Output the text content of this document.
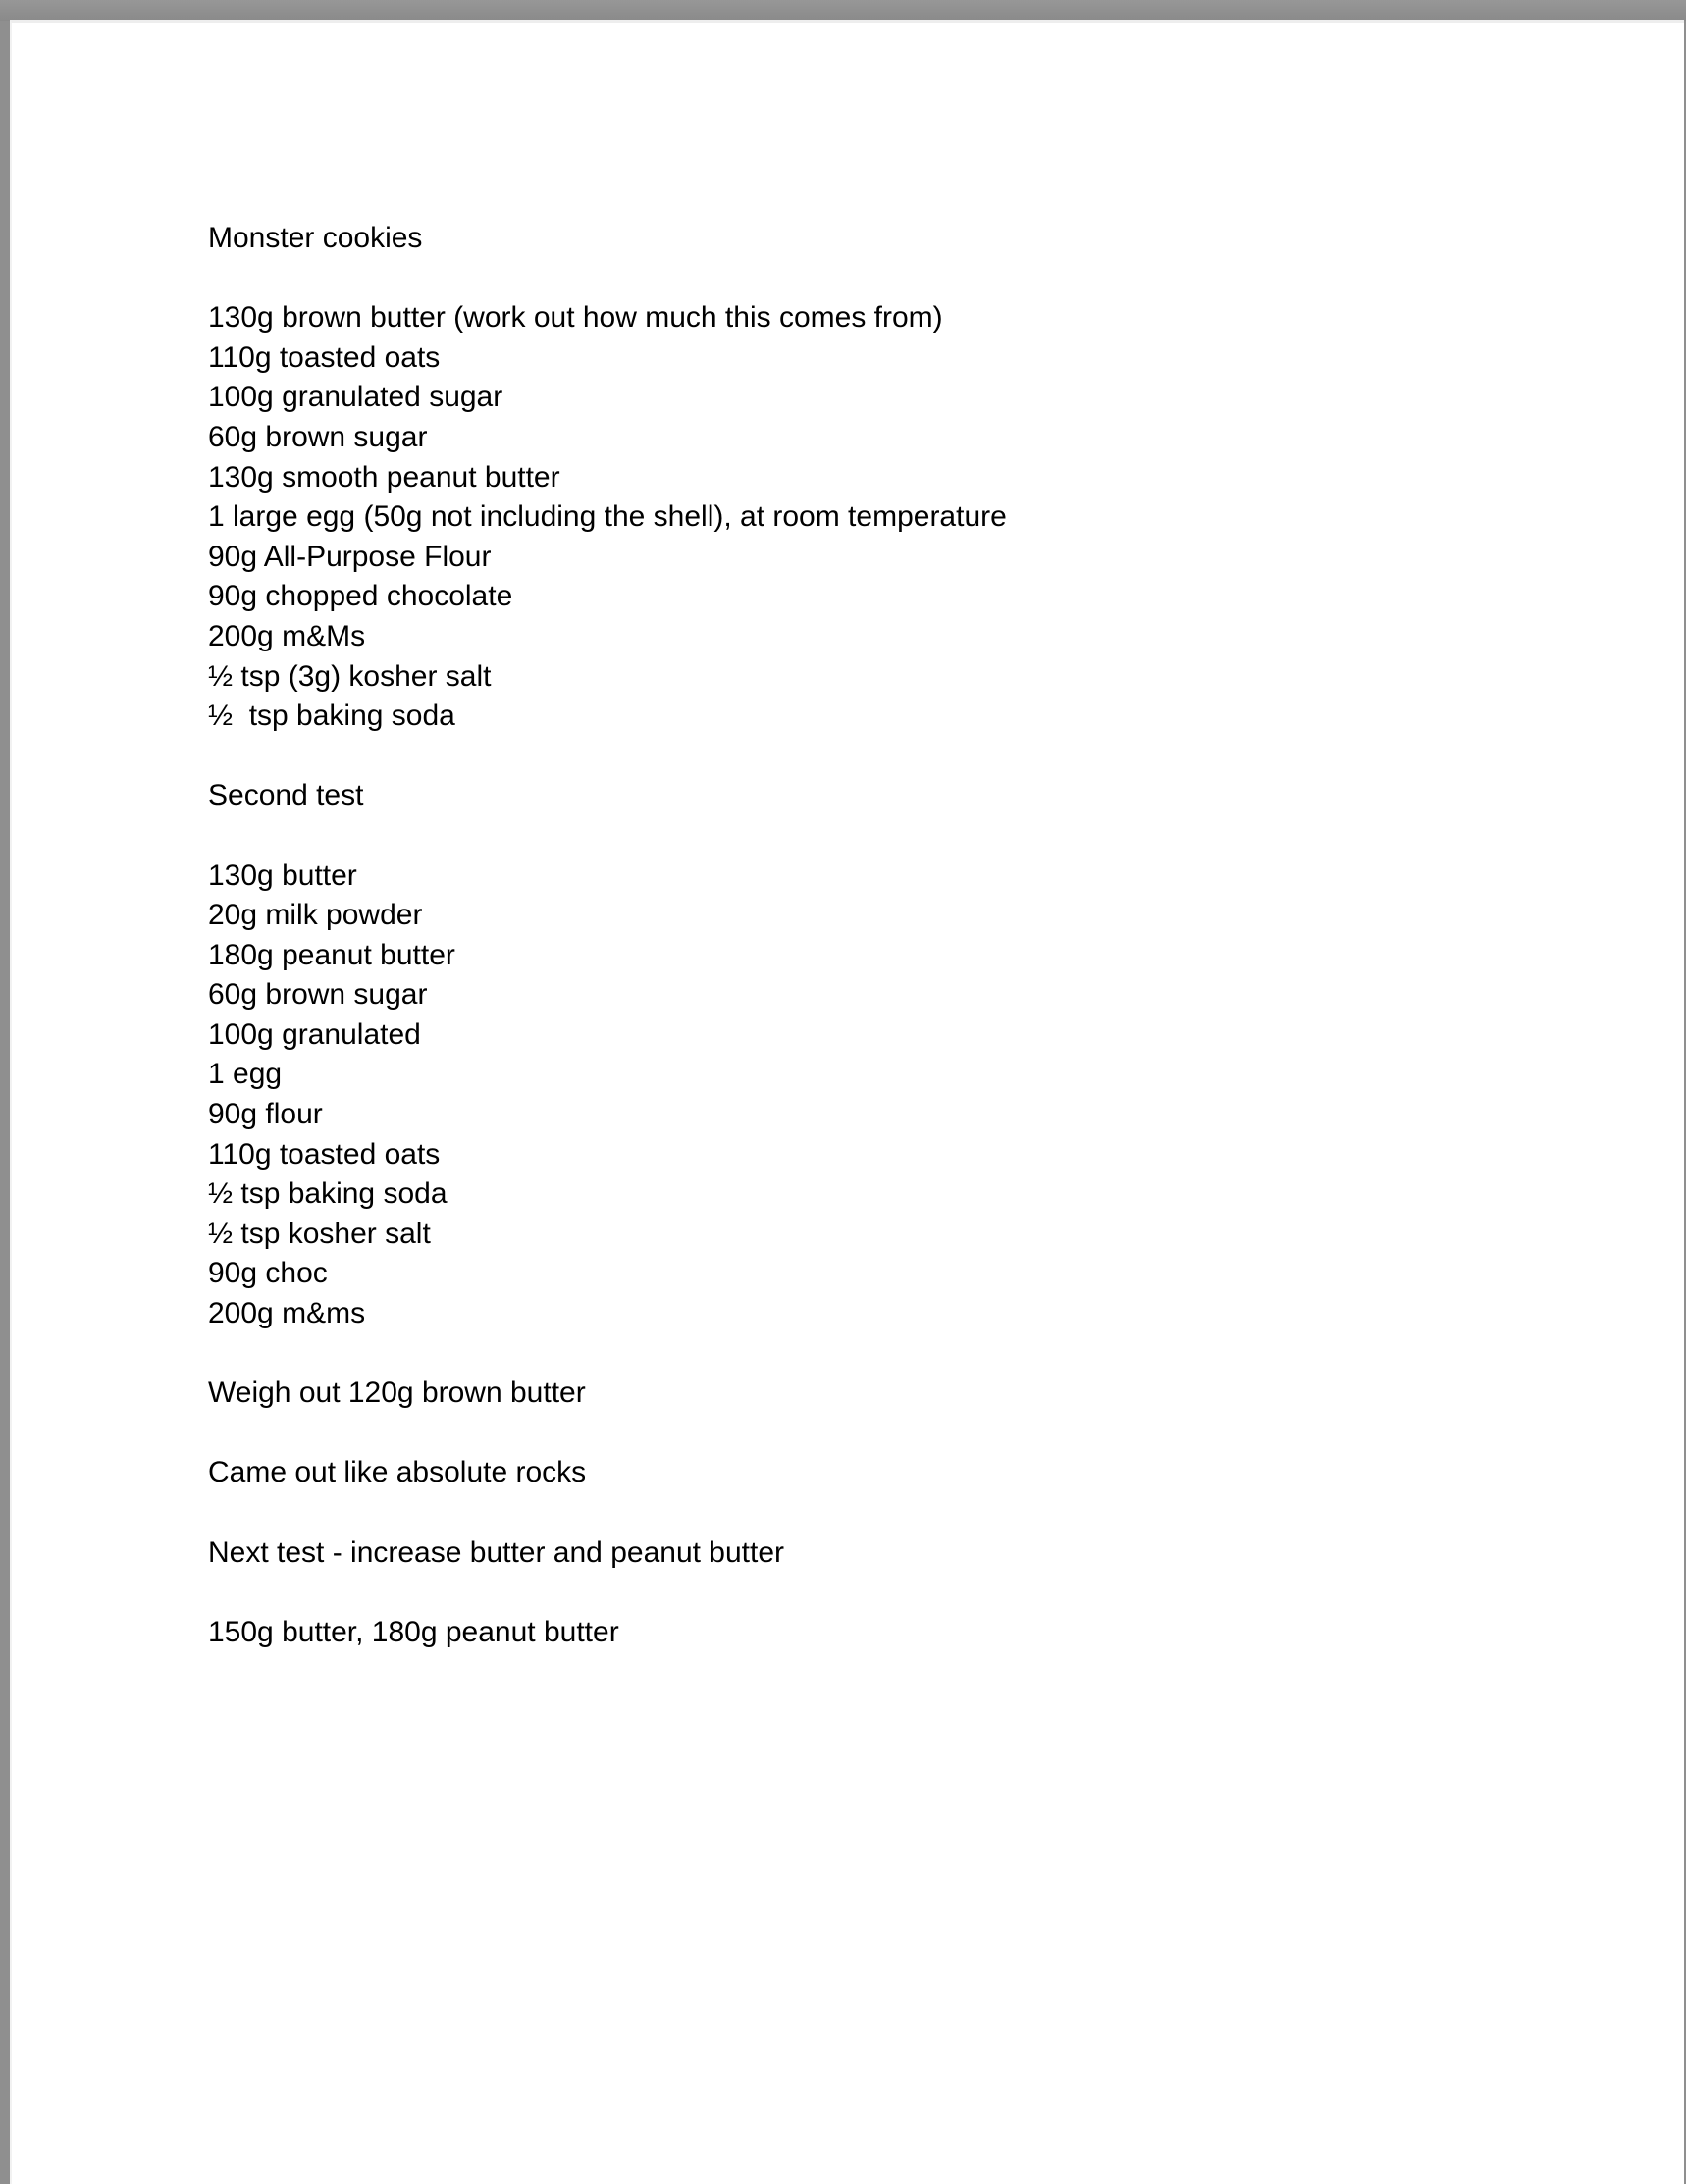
Monster cookies
130g brown butter (work out how much this comes from)
110g toasted oats
100g granulated sugar
60g brown sugar
130g smooth peanut butter
1 large egg (50g not including the shell), at room temperature
90g All-Purpose Flour
90g chopped chocolate
200g m&Ms
½ tsp (3g) kosher salt
½  tsp baking soda
Second test
130g butter
20g milk powder
180g peanut butter
60g brown sugar
100g granulated
1 egg
90g flour
110g toasted oats
½ tsp baking soda
½ tsp kosher salt
90g choc
200g m&ms
Weigh out 120g brown butter
Came out like absolute rocks
Next test - increase butter and peanut butter
150g butter, 180g peanut butter
